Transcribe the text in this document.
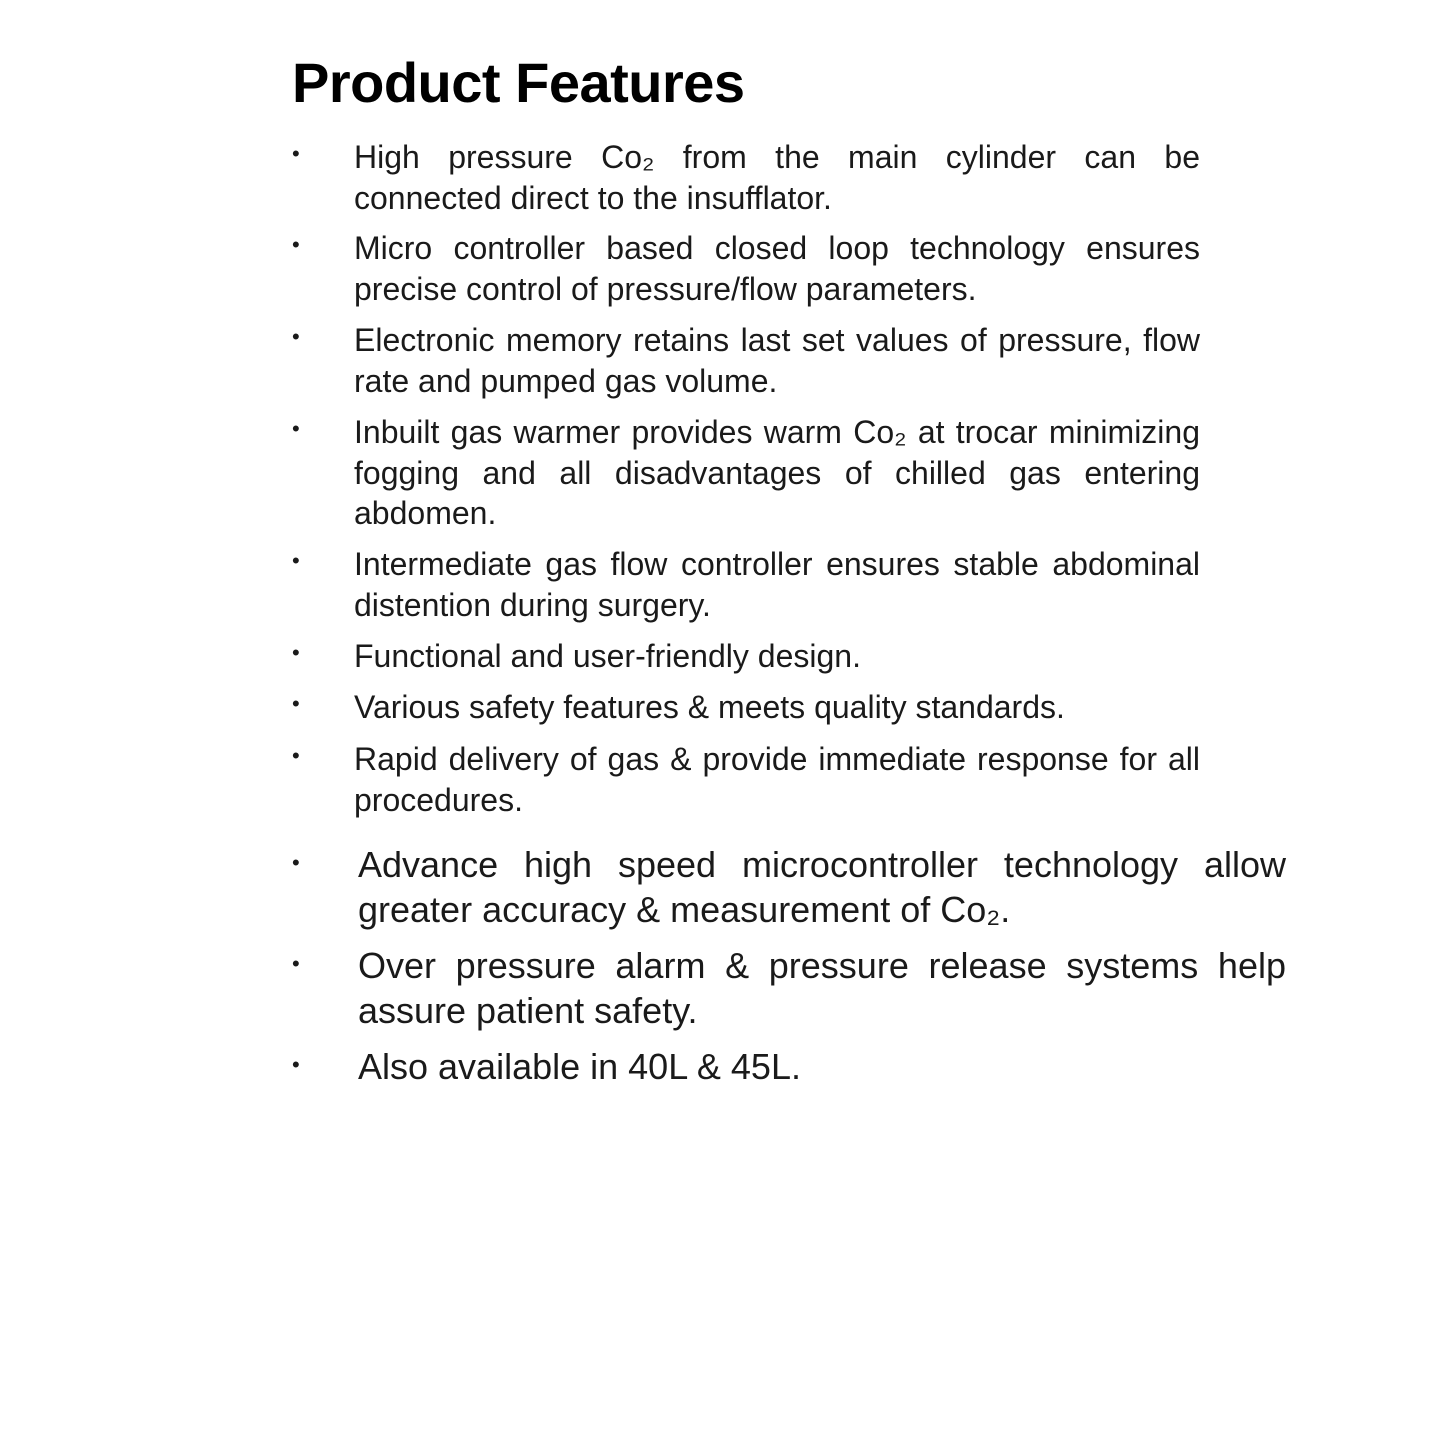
Product Features
• High pressure Co₂ from the main cylinder can be connected direct to the insufflator.
• Micro controller based closed loop technology ensures precise control of pressure/flow parameters.
• Electronic memory retains last set values of pressure, flow rate and pumped gas volume.
• Inbuilt gas warmer provides warm Co₂ at trocar minimizing fogging and all disadvantages of chilled gas entering abdomen.
• Intermediate gas flow controller ensures stable abdominal distention during surgery.
• Functional and user-friendly design.
• Various safety features & meets quality standards.
• Rapid delivery of gas & provide immediate response for all procedures.
• Advance high speed microcontroller technology allow greater accuracy & measurement of Co₂.
• Over pressure alarm & pressure release systems help assure patient safety.
• Also available in 40L & 45L.
